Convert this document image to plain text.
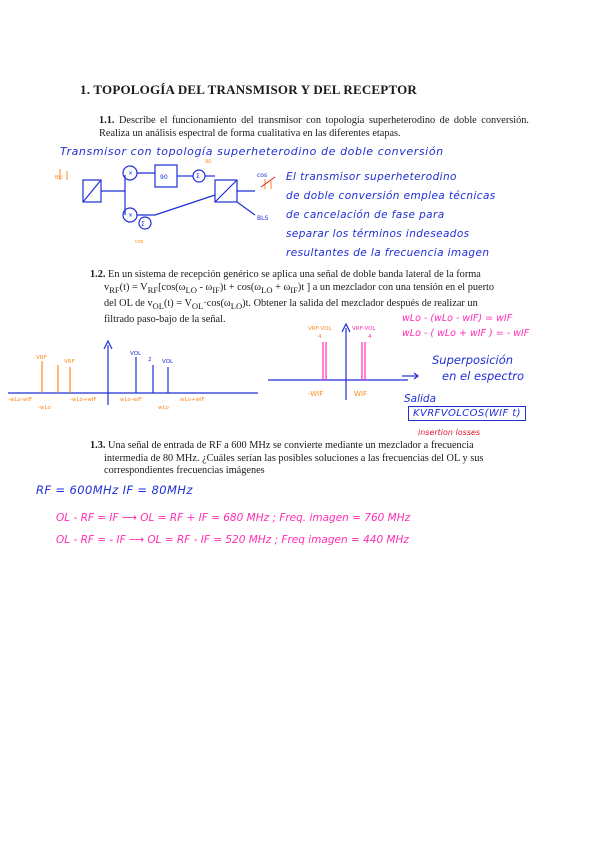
1. TOPOLOGÍA DEL TRANSMISOR Y DEL RECEPTOR
1.1. Describe el funcionamiento del transmisor con topología superheterodino de doble conversión. Realiza un análisis espectral de forma cualitativa en las diferentes etapas.
Transmisor con topología superheterodino de doble conversión
×
×
90	Σ
Σ
cos
BLS
BLI
90
cos
El transmisor superheterodino
de doble conversión emplea técnicas
de cancelación de fase para
separar los términos indeseados
resultantes de la frecuencia imagen
1.2. En un sistema de recepción genérico se aplica una señal de doble banda lateral de la forma
$v_{RF}(t) = V_{RF}[\cos(\omega_{LO} - \omega_{IF})t + \cos(\omega_{LO} + \omega_{IF})t$ ] a un mezclador con una tensión en el puerto
del OL de $v_{OL}(t) = V_{OL}\cdot\cos(\omega_{LO})t$. Obtener la salida del mezclador después de realizar un
filtrado paso-bajo de la señal.
VRF
VRF
VOL
VOL
2
-wLo-wIF
-wLo
-wLo+wIF	wLo-wIF
wLo
wLo+wIF
VRF·VOL
4
VRF·VOL
4
-WIF	WIF
wLo - (wLo - wIF) = wIF
wLo - ( wLo + wIF ) = - wIF
Superposición
en el espectro
Salida
KVRFVOLCOS(WIF t)
insertion losses
1.3. Una señal de entrada de RF a 600 MHz se convierte mediante un mezclador a frecuencia
intermedia de 80 MHz. ¿Cuáles serían las posibles soluciones a las frecuencias del OL y sus
correspondientes frecuencias imágenes
RF = 600MHz IF = 80MHz
OL - RF = IF ⟶ OL = RF + IF = 680 MHz ; Freq. imagen = 760 MHz
OL - RF = - IF ⟶ OL = RF - IF = 520 MHz ; Freq imagen = 440 MHz
